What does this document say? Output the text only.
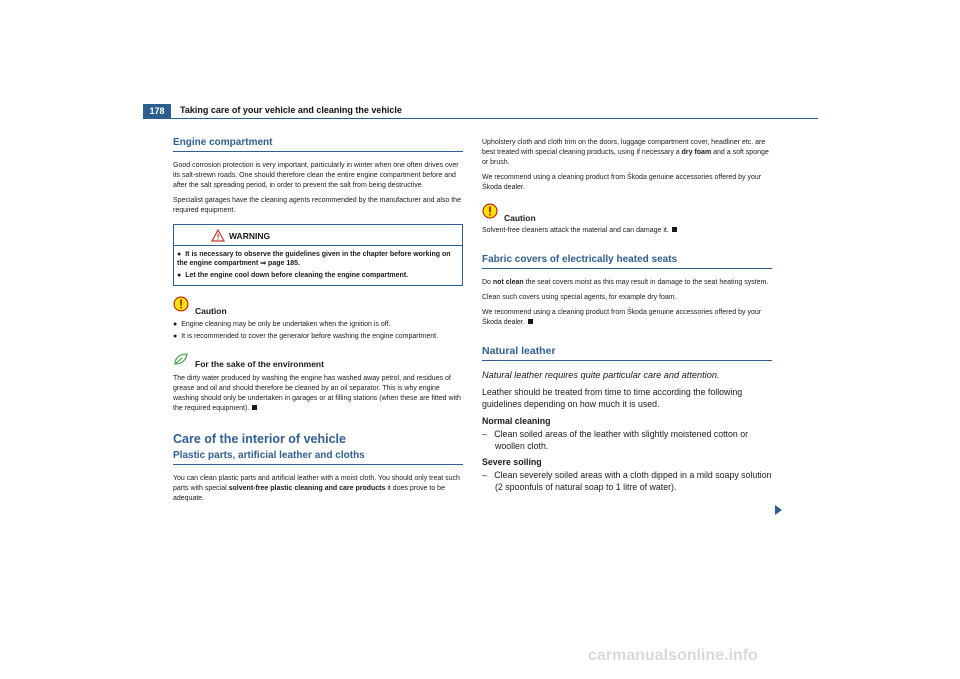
178	Taking care of your vehicle and cleaning the vehicle
Engine compartment

Good corrosion protection is very important, particularly in winter when one often drives over its salt-strewn roads. One should therefore clean the entire engine compartment before and after the salt spreading period, in order to prevent the salt from being destructive.

Specialist garages have the cleaning agents recommended by the manufacturer and also the required equipment.

WARNING
● It is necessary to observe the guidelines given in the chapter before working on the engine compartment ⇒ page 185.
● Let the engine cool down before cleaning the engine compartment.
Caution
● Engine cleaning may be only be undertaken when the ignition is off.
● It is recommended to cover the generator before washing the engine compartment.
For the sake of the environment

The dirty water produced by washing the engine has washed away petrol, and residues of grease and oil and should therefore be cleaned by an oil separator. This is why engine washing should only be undertaken in garages or at filling stations (when these are fitted with the required equipment).

Care of the interior of vehicle
Plastic parts, artificial leather and cloths

You can clean plastic parts and artificial leather with a moist cloth. You should only treat such parts with special solvent-free plastic cleaning and care products it does prove to be adequate.

Upholstery cloth and cloth trim on the doors, luggage compartment cover, headliner etc. are best treated with special cleaning products, using if necessary a dry foam and a soft sponge or brush.

We recommend using a cleaning product from Škoda genuine accessories offered by your Škoda dealer.

Caution

Solvent-free cleaners attack the material and can damage it.

Fabric covers of electrically heated seats

Do not clean the seat covers moist as this may result in damage to the seat heating system.

Clean such covers using special agents, for example dry foam.

We recommend using a cleaning product from Škoda genuine accessories offered by your Škoda dealer.

Natural leather
Natural leather requires quite particular care and attention.
Leather should be treated from time to time according the following guidelines depending on how much it is used.
Normal cleaning
– Clean soiled areas of the leather with slightly moistened cotton or woollen cloth.
Severe soiling
– Clean severely soiled areas with a cloth dipped in a mild soapy solution (2 spoonfuls of natural soap to 1 litre of water).
carmanualsonline.info
